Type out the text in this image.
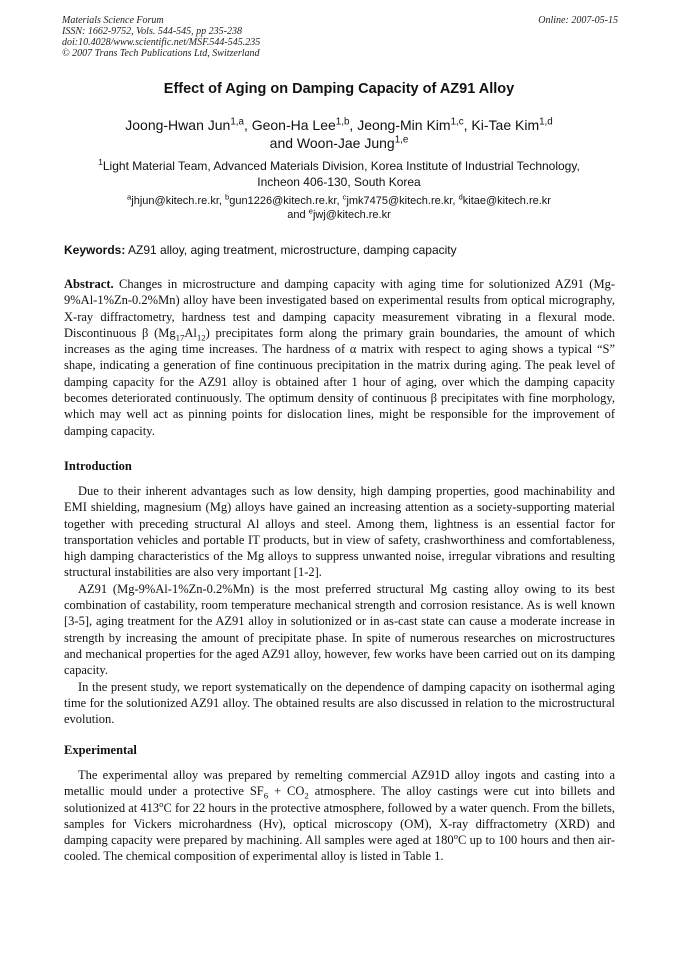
Materials Science Forum
ISSN: 1662-9752, Vols. 544-545, pp 235-238
doi:10.4028/www.scientific.net/MSF.544-545.235
© 2007 Trans Tech Publications Ltd, Switzerland
Online: 2007-05-15
Effect of Aging on Damping Capacity of AZ91 Alloy
Joong-Hwan Jun$^{1,a}$, Geon-Ha Lee$^{1,b}$, Jeong-Min Kim$^{1,c}$, Ki-Tae Kim$^{1,d}$
and Woon-Jae Jung$^{1,e}$
$^1$Light Material Team, Advanced Materials Division, Korea Institute of Industrial Technology,
Incheon 406-130, South Korea
$^a$jhjun@kitech.re.kr, $^b$gun1226@kitech.re.kr, $^c$jmk7475@kitech.re.kr, $^d$kitae@kitech.re.kr
and $^e$jwj@kitech.re.kr
Keywords: AZ91 alloy, aging treatment, microstructure, damping capacity

Abstract. Changes in microstructure and damping capacity with aging time for solutionized AZ91 (Mg-9%Al-1%Zn-0.2%Mn) alloy have been investigated based on experimental results from optical micrography, X-ray diffractometry, hardness test and damping capacity measurement vibrating in a flexural mode. Discontinuous β $(Mg_{17}Al_{12})$ precipitates form along the primary grain boundaries, the amount of which increases as the aging time increases. The hardness of α matrix with respect to aging shows a typical “S” shape, indicating a generation of fine continuous precipitation in the matrix during aging. The peak level of damping capacity for the AZ91 alloy is obtained after 1 hour of aging, over which the damping capacity becomes deteriorated continuously. The optimum density of continuous β precipitates with fine morphology, which may well act as pinning points for dislocation lines, might be responsible for the improvement of damping capacity.

Introduction

Due to their inherent advantages such as low density, high damping properties, good machinability and EMI shielding, magnesium (Mg) alloys have gained an increasing attention as a society-supporting material together with preceding structural Al alloys and steel. Among them, lightness is an essential factor for transportation vehicles and portable IT products, but in view of safety, crashworthiness and comfortableness, high damping characteristics of the Mg alloys to suppress unwanted noise, irregular vibrations and resulting structural instabilities are also very important [1-2].

AZ91 (Mg-9%Al-1%Zn-0.2%Mn) is the most preferred structural Mg casting alloy owing to its best combination of castability, room temperature mechanical strength and corrosion resistance. As is well known [3-5], aging treatment for the AZ91 alloy in solutionized or in as-cast state can cause a moderate increase in strength by increasing the amount of precipitate phase. In spite of numerous researches on microstructures and mechanical properties for the aged AZ91 alloy, however, few works have been carried out on its damping capacity.

In the present study, we report systematically on the dependence of damping capacity on isothermal aging time for the solutionized AZ91 alloy. The obtained results are also discussed in relation to the microstructural evolution.

Experimental

The experimental alloy was prepared by remelting commercial AZ91D alloy ingots and casting into a metallic mould under a protective $SF_6 + CO_2$ atmosphere. The alloy castings were cut into billets and solutionized at 413$^o$C for 22 hours in the protective atmosphere, followed by a water quench. From the billets, samples for Vickers microhardness (Hv), optical microscopy (OM), X-ray diffractometry (XRD) and damping capacity were prepared by machining. All samples were aged at 180$^o$C up to 100 hours and then air-cooled. The chemical composition of experimental alloy is listed in Table 1.
